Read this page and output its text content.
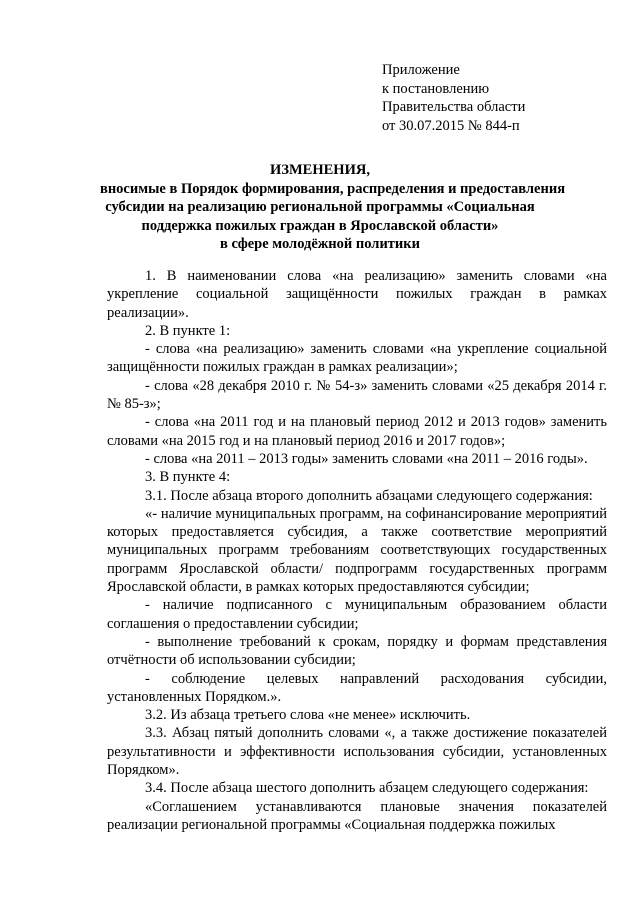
Приложение
к постановлению
Правительства области
от 30.07.2015 № 844-п
ИЗМЕНЕНИЯ,
вносимые в Порядок формирования, распределения и предоставления
субсидии на реализацию региональной программы «Социальная
поддержка пожилых граждан в Ярославской области»
в сфере молодёжной политики

1. В наименовании слова «на реализацию» заменить словами «на укрепление социальной защищённости пожилых граждан в рамках реализации».

2. В пункте 1:

- слова «на реализацию» заменить словами «на укрепление социальной защищённости пожилых граждан в рамках реализации»;

- слова «28 декабря 2010 г. № 54-з» заменить словами «25 декабря 2014 г. № 85-з»;

- слова «на 2011 год и на плановый период 2012 и 2013 годов» заменить словами «на 2015 год и на плановый период 2016 и 2017 годов»;

- слова «на 2011 – 2013 годы» заменить словами «на 2011 – 2016 годы».

3. В пункте 4:

3.1. После абзаца второго дополнить абзацами следующего содержания:

«- наличие муниципальных программ, на софинансирование мероприятий которых предоставляется субсидия, а также соответствие мероприятий муниципальных программ требованиям соответствующих государственных программ Ярославской области/ подпрограмм государственных программ Ярославской области, в рамках которых предоставляются субсидии;

- наличие подписанного с муниципальным образованием области соглашения о предоставлении субсидии;

- выполнение требований к срокам, порядку и формам представления отчётности об использовании субсидии;

- соблюдение целевых направлений расходования субсидии, установленных Порядком.».

3.2. Из абзаца третьего слова «не менее» исключить.

3.3. Абзац пятый дополнить словами «, а также достижение показателей результативности и эффективности использования субсидии, установленных Порядком».

3.4. После абзаца шестого дополнить абзацем следующего содержания:

«Соглашением устанавливаются плановые значения показателей реализации региональной программы «Социальная поддержка пожилых
